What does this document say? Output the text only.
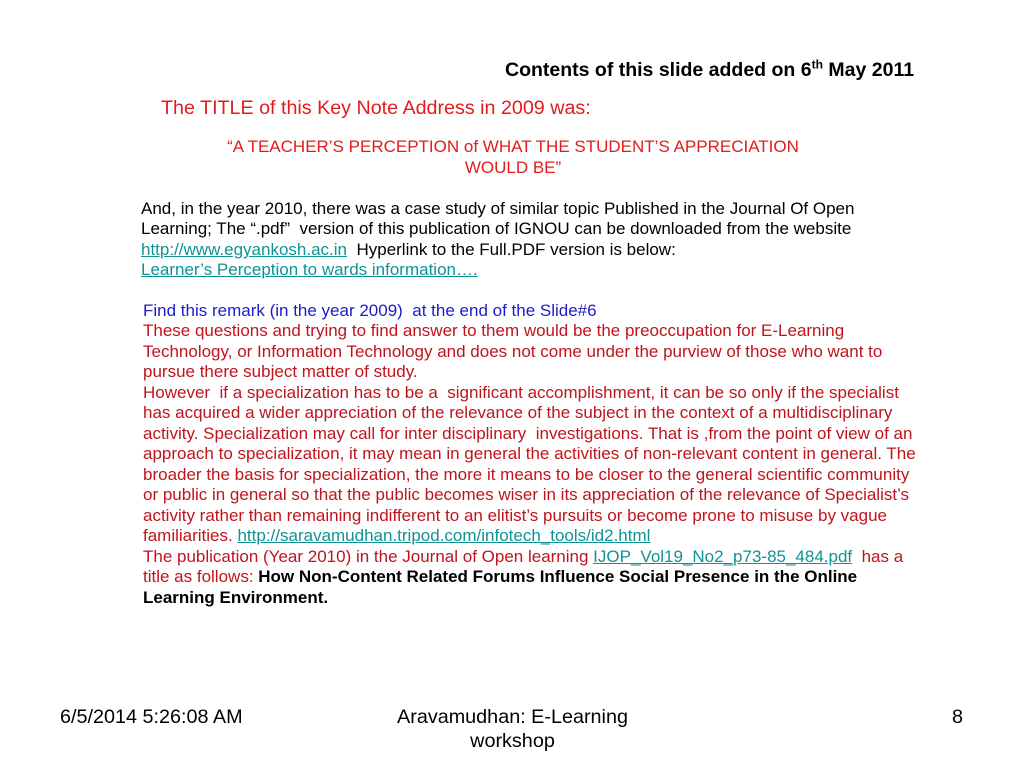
Contents of this slide added on 6th May 2011
The TITLE of this Key Note Address in 2009 was:
“A TEACHER’S PERCEPTION of WHAT THE STUDENT’S APPRECIATION
WOULD BE”
And, in the year 2010, there was a case study of similar topic Published in the Journal Of Open
Learning; The “.pdf”  version of this publication of IGNOU can be downloaded from the website
http://www.egyankosh.ac.in  Hyperlink to the Full.PDF version is below:
Learner’s Perception to wards information….
Find this remark (in the year 2009)  at the end of the Slide#6
These questions and trying to find answer to them would be the preoccupation for E-Learning
Technology, or Information Technology and does not come under the purview of those who want to
pursue there subject matter of study.
However  if a specialization has to be a  significant accomplishment, it can be so only if the specialist
has acquired a wider appreciation of the relevance of the subject in the context of a multidisciplinary
activity. Specialization may call for inter disciplinary  investigations. That is ,from the point of view of an
approach to specialization, it may mean in general the activities of non-relevant content in general. The
broader the basis for specialization, the more it means to be closer to the general scientific community
or public in general so that the public becomes wiser in its appreciation of the relevance of Specialist’s
activity rather than remaining indifferent to an elitist’s pursuits or become prone to misuse by vague
familiarities. http://saravamudhan.tripod.com/infotech_tools/id2.html
The publication (Year 2010) in the Journal of Open learning IJOP_Vol19_No2_p73-85_484.pdf  has a
title as follows: How Non-Content Related Forums Influence Social Presence in the Online
Learning Environment.
6/5/2014 5:26:08 AM	Aravamudhan: E-Learning
workshop
8
